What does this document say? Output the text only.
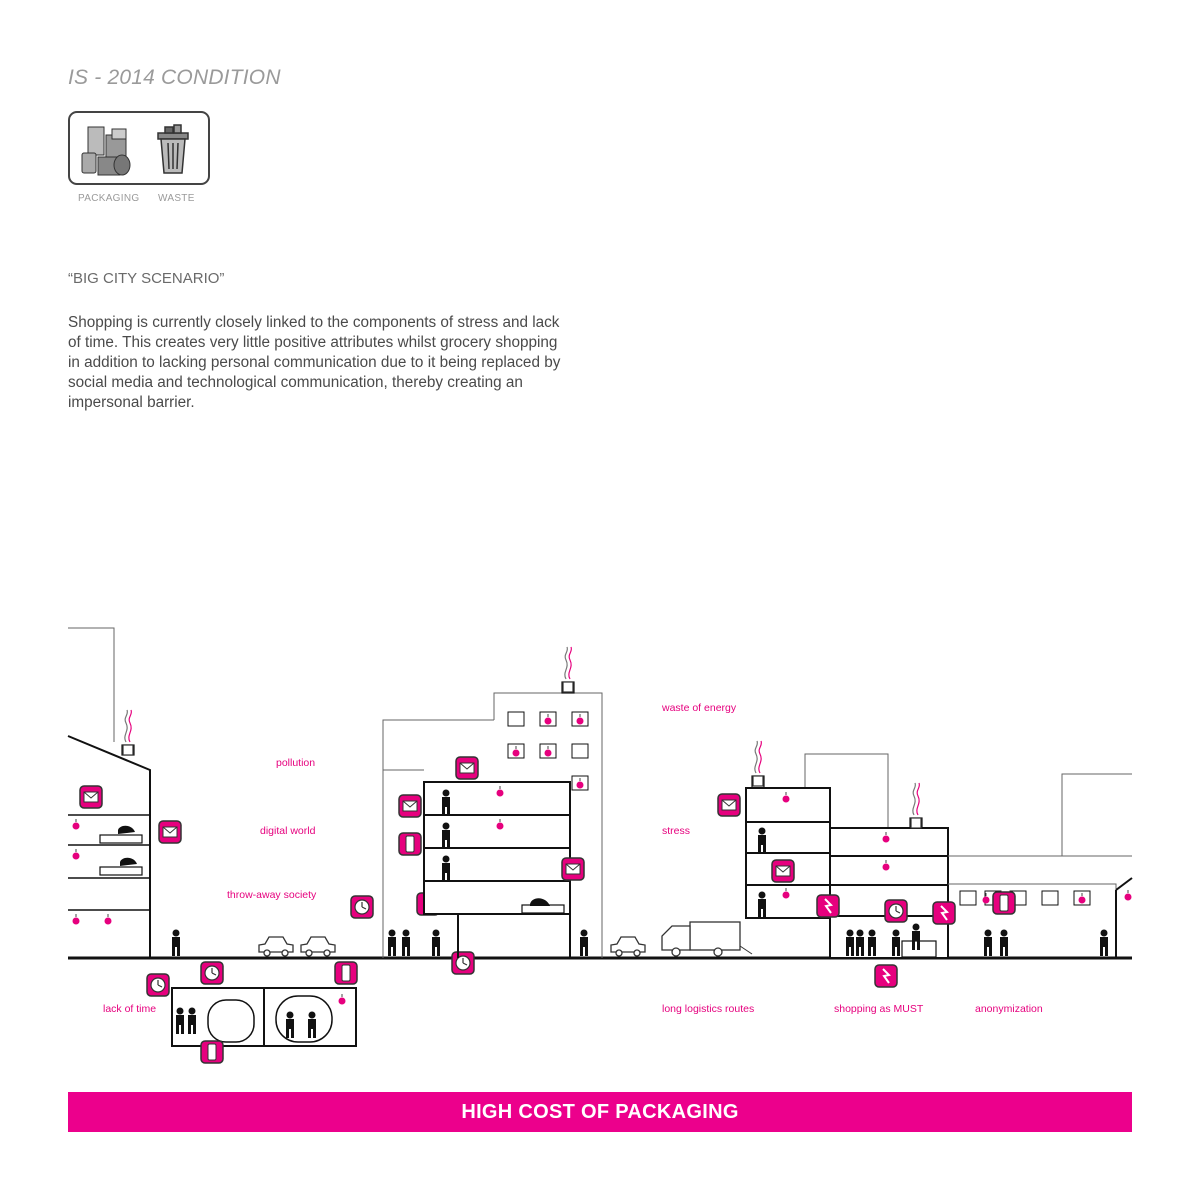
IS - 2014 CONDITION
PACKAGING WASTE
“BIG CITY SCENARIO”
Shopping is currently closely linked to the components of stress and lack of time. This creates very little positive attributes whilst grocery shopping in addition to lacking personal communication due to it being replaced by social media and technological communication, thereby creating an impersonal barrier.
pollution
digital world
throw-away society
lack of time
waste of energy
stress
long logistics routes	shopping as MUST	anonymization
HIGH COST OF PACKAGING
